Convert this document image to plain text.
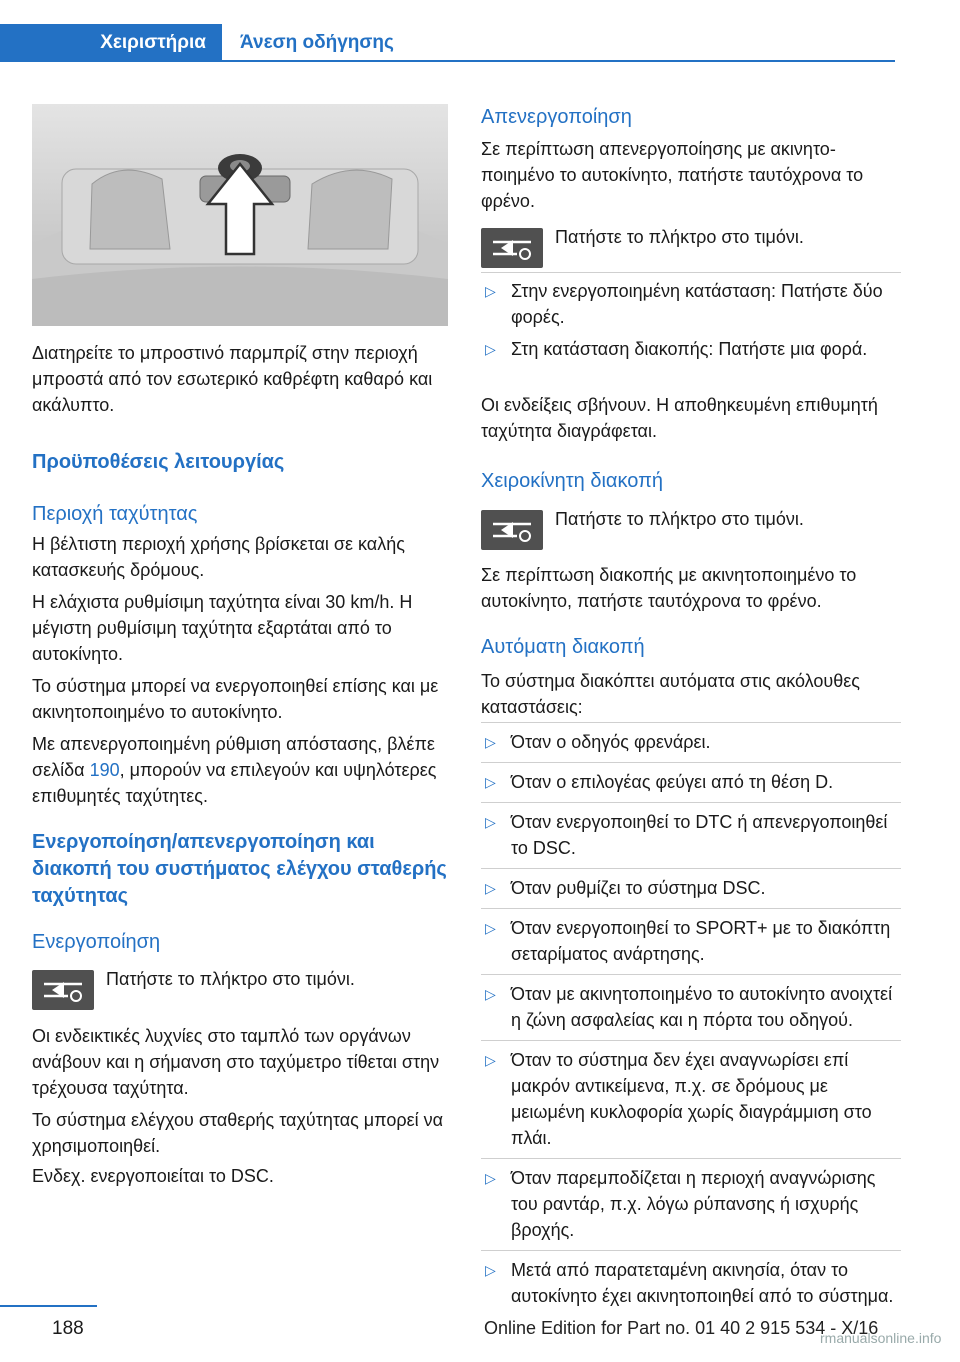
Χειριστήρια	Άνεση οδήγησης

Διατηρείτε το μπροστινό παρμπρίζ στην περιοχή μπροστά από τον εσωτερικό καθρέφτη καθαρό και ακάλυπτο.

Προϋποθέσεις λειτουργίας
Περιοχή ταχύτητας

Η βέλτιστη περιοχή χρήσης βρίσκεται σε καλής κατασκευής δρόμους.

Η ελάχιστα ρυθμίσιμη ταχύτητα είναι 30 km/h. Η μέγιστη ρυθμίσιμη ταχύτητα εξαρτάται από το αυτοκίνητο.

Το σύστημα μπορεί να ενεργοποιηθεί επίσης και με ακινητοποιημένο το αυτοκίνητο.

Με απενεργοποιημένη ρύθμιση απόστασης, βλέπε σελίδα 190, μπορούν να επιλεγούν και υψηλότερες επιθυμητές ταχύτητες.

Ενεργοποίηση/απενεργοποίηση και διακοπή του συστήματος ελέγχου σταθερής ταχύτητας
Ενεργοποίηση
Πατήστε το πλήκτρο στο τιμόνι.

Οι ενδεικτικές λυχνίες στο ταμπλό των οργάνων ανάβουν και η σήμανση στο ταχύμετρο τίθεται στην τρέχουσα ταχύτητα.

Το σύστημα ελέγχου σταθερής ταχύτητας μπορεί να χρησιμοποιηθεί.

Ενδεχ. ενεργοποιείται το DSC.

Απενεργοποίηση

Σε περίπτωση απενεργοποίησης με ακινητοποιημένο το αυτοκίνητο, πατήστε ταυτόχρονα το φρένο.

Πατήστε το πλήκτρο στο τιμόνι.
▷ Στην ενεργοποιημένη κατάσταση: Πατήστε δύο φορές.
▷ Στη κατάσταση διακοπής: Πατήστε μια φορά.

Οι ενδείξεις σβήνουν. Η αποθηκευμένη επιθυμητή ταχύτητα διαγράφεται.

Χειροκίνητη διακοπή
Πατήστε το πλήκτρο στο τιμόνι.

Σε περίπτωση διακοπής με ακινητοποιημένο το αυτοκίνητο, πατήστε ταυτόχρονα το φρένο.

Αυτόματη διακοπή

Το σύστημα διακόπτει αυτόματα στις ακόλουθες καταστάσεις:

▷ Όταν ο οδηγός φρενάρει.
▷ Όταν ο επιλογέας φεύγει από τη θέση D.
▷ Όταν ενεργοποιηθεί το DTC ή απενεργοποιηθεί το DSC.
▷ Όταν ρυθμίζει το σύστημα DSC.
▷ Όταν ενεργοποιηθεί το SPORT+ με το διακόπτη σεταρίματος ανάρτησης.
▷ Όταν με ακινητοποιημένο το αυτοκίνητο ανοιχτεί η ζώνη ασφαλείας και η πόρτα του οδηγού.
▷ Όταν το σύστημα δεν έχει αναγνωρίσει επί μακρόν αντικείμενα, π.χ. σε δρόμους με μειωμένη κυκλοφορία χωρίς διαγράμμιση στο πλάι.
▷ Όταν παρεμποδίζεται η περιοχή αναγνώρισης του ραντάρ, π.χ. λόγω ρύπανσης ή ισχυρής βροχής.
▷ Μετά από παρατεταμένη ακινησία, όταν το αυτοκίνητο έχει ακινητοποιηθεί από το σύστημα.
188	Online Edition for Part no. 01 40 2 915 534 - X/16
rmanualsonline.info
